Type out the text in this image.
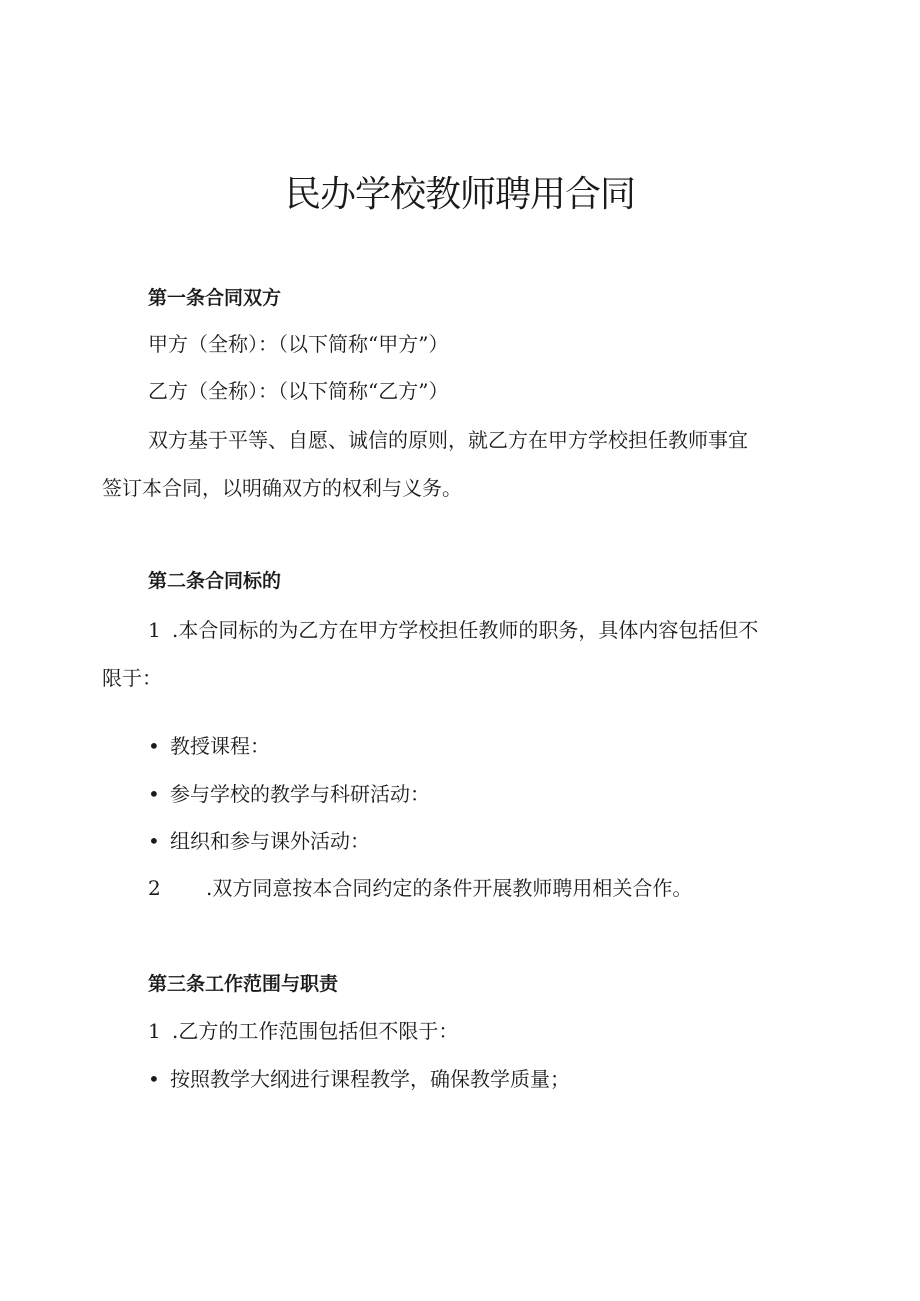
民办学校教师聘用合同
第一条合同双方
甲方（全称）：（以下简称“甲方”）
乙方（全称）：（以下简称“乙方”）
双方基于平等、自愿、诚信的原则，就乙方在甲方学校担任教师事宜
签订本合同，以明确双方的权利与义务。
第二条合同标的
1 .本合同标的为乙方在甲方学校担任教师的职务，具体内容包括但不
限于：
• 教授课程：
• 参与学校的教学与科研活动：
• 组织和参与课外活动：
2 .双方同意按本合同约定的条件开展教师聘用相关合作。
第三条工作范围与职责
1 .乙方的工作范围包括但不限于：
• 按照教学大纲进行课程教学，确保教学质量；
